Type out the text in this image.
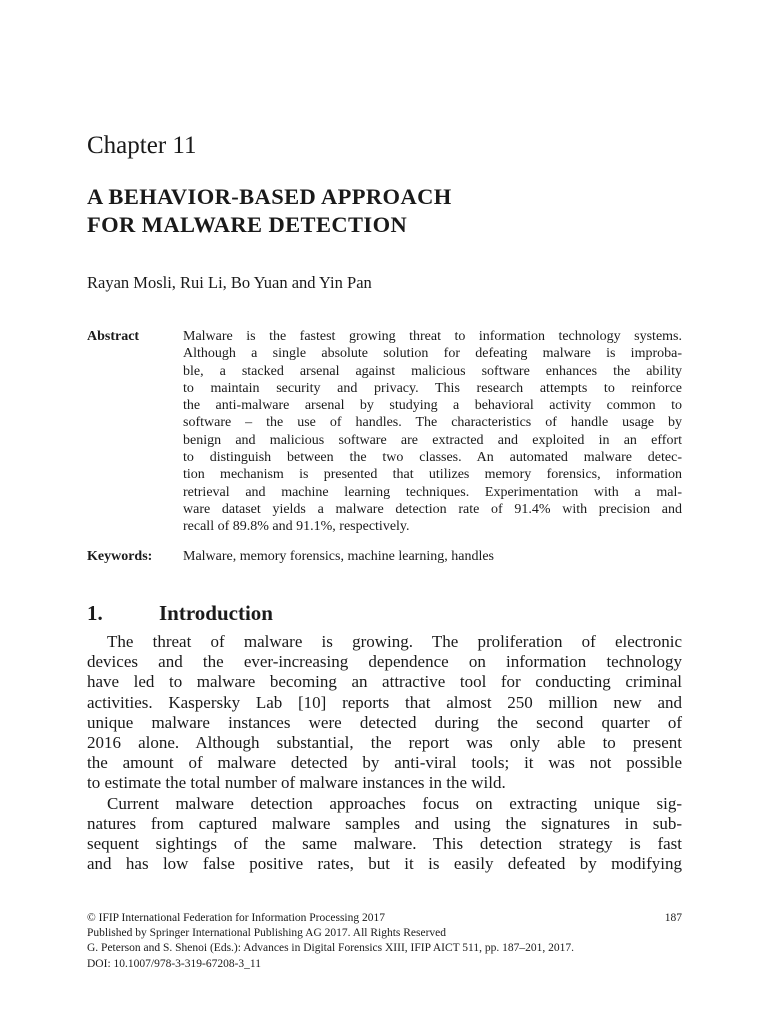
Chapter 11
A BEHAVIOR-BASED APPROACH
FOR MALWARE DETECTION
Rayan Mosli, Rui Li, Bo Yuan and Yin Pan
Abstract	Malware is the fastest growing threat to information technology systems.
Although a single absolute solution for defeating malware is improba-
ble, a stacked arsenal against malicious software enhances the ability
to maintain security and privacy. This research attempts to reinforce
the anti-malware arsenal by studying a behavioral activity common to
software – the use of handles. The characteristics of handle usage by
benign and malicious software are extracted and exploited in an effort
to distinguish between the two classes. An automated malware detec-
tion mechanism is presented that utilizes memory forensics, information
retrieval and machine learning techniques. Experimentation with a mal-
ware dataset yields a malware detection rate of 91.4% with precision and
recall of 89.8% and 91.1%, respectively.
Keywords: Malware, memory forensics, machine learning, handles
1.	Introduction
The threat of malware is growing. The proliferation of electronic
devices and the ever-increasing dependence on information technology
have led to malware becoming an attractive tool for conducting criminal
activities. Kaspersky Lab [10] reports that almost 250 million new and
unique malware instances were detected during the second quarter of
2016 alone. Although substantial, the report was only able to present
the amount of malware detected by anti-viral tools; it was not possible
to estimate the total number of malware instances in the wild.
Current malware detection approaches focus on extracting unique sig-
natures from captured malware samples and using the signatures in sub-
sequent sightings of the same malware. This detection strategy is fast
and has low false positive rates, but it is easily defeated by modifying
© IFIP International Federation for Information Processing 2017
Published by Springer International Publishing AG 2017. All Rights Reserved
G. Peterson and S. Shenoi (Eds.): Advances in Digital Forensics XIII, IFIP AICT 511, pp. 187–201, 2017.
DOI: 10.1007/978-3-319-67208-3_11
187
